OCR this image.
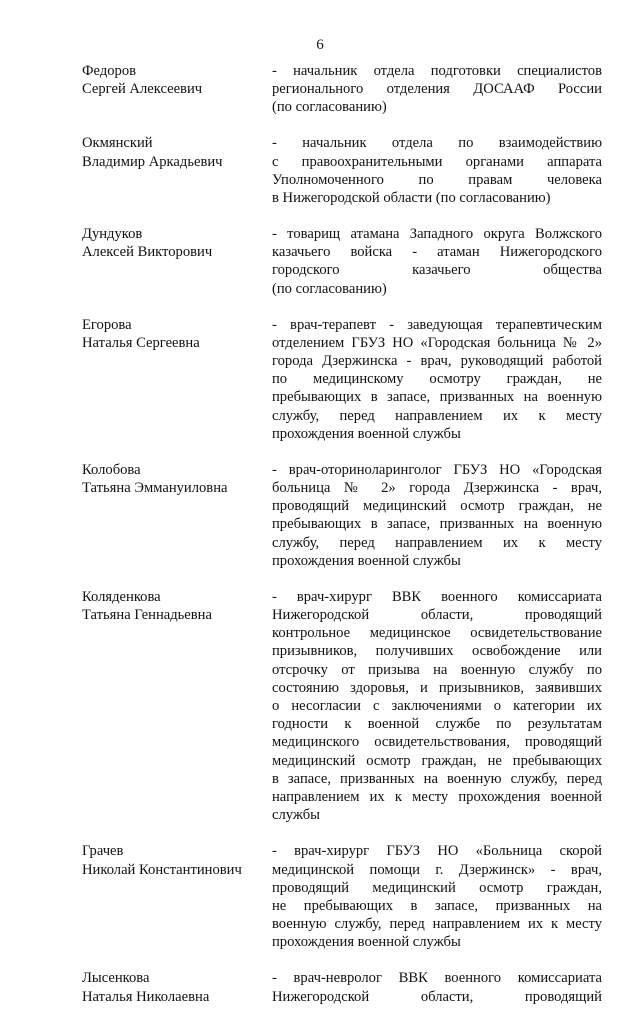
6
Федоров
Сергей Алексеевич
- начальник отдела подготовки специалистов
регионального отделения ДОСААФ России
(по согласованию)
Окмянский
Владимир Аркадьевич
- начальник отдела по взаимодействию
с правоохранительными органами аппарата
Уполномоченного по правам человека
в Нижегородской области (по согласованию)
Дундуков
Алексей Викторович
- товарищ атамана Западного округа Волжского
казачьего войска - атаман Нижегородского
городского казачьего общества
(по согласованию)
Егорова
Наталья Сергеевна
- врач-терапевт - заведующая терапевтическим
отделением ГБУЗ НО «Городская больница № 2»
города Дзержинска - врач, руководящий работой
по медицинскому осмотру граждан, не
пребывающих в запасе, призванных на военную
службу, перед направлением их к месту
прохождения военной службы
Колобова
Татьяна Эммануиловна
- врач-оториноларинголог ГБУЗ НО «Городская
больница № 2» города Дзержинска - врач,
проводящий медицинский осмотр граждан, не
пребывающих в запасе, призванных на военную
службу, перед направлением их к месту
прохождения военной службы
Коляденкова
Татьяна Геннадьевна
- врач-хирург ВВК военного комиссариата
Нижегородской области, проводящий
контрольное медицинское освидетельствование
призывников, получивших освобождение или
отсрочку от призыва на военную службу по
состоянию здоровья, и призывников, заявивших
о несогласии с заключениями о категории их
годности к военной службе по результатам
медицинского освидетельствования, проводящий
медицинский осмотр граждан, не пребывающих
в запасе, призванных на военную службу, перед
направлением их к месту прохождения военной
службы
Грачев
Николай Константинович
- врач-хирург ГБУЗ НО «Больница скорой
медицинской помощи г. Дзержинск» - врач,
проводящий медицинский осмотр граждан,
не пребывающих в запасе, призванных на
военную службу, перед направлением их к месту
прохождения военной службы
Лысенкова
Наталья Николаевна
- врач-невролог ВВК военного комиссариата
Нижегородской области, проводящий
